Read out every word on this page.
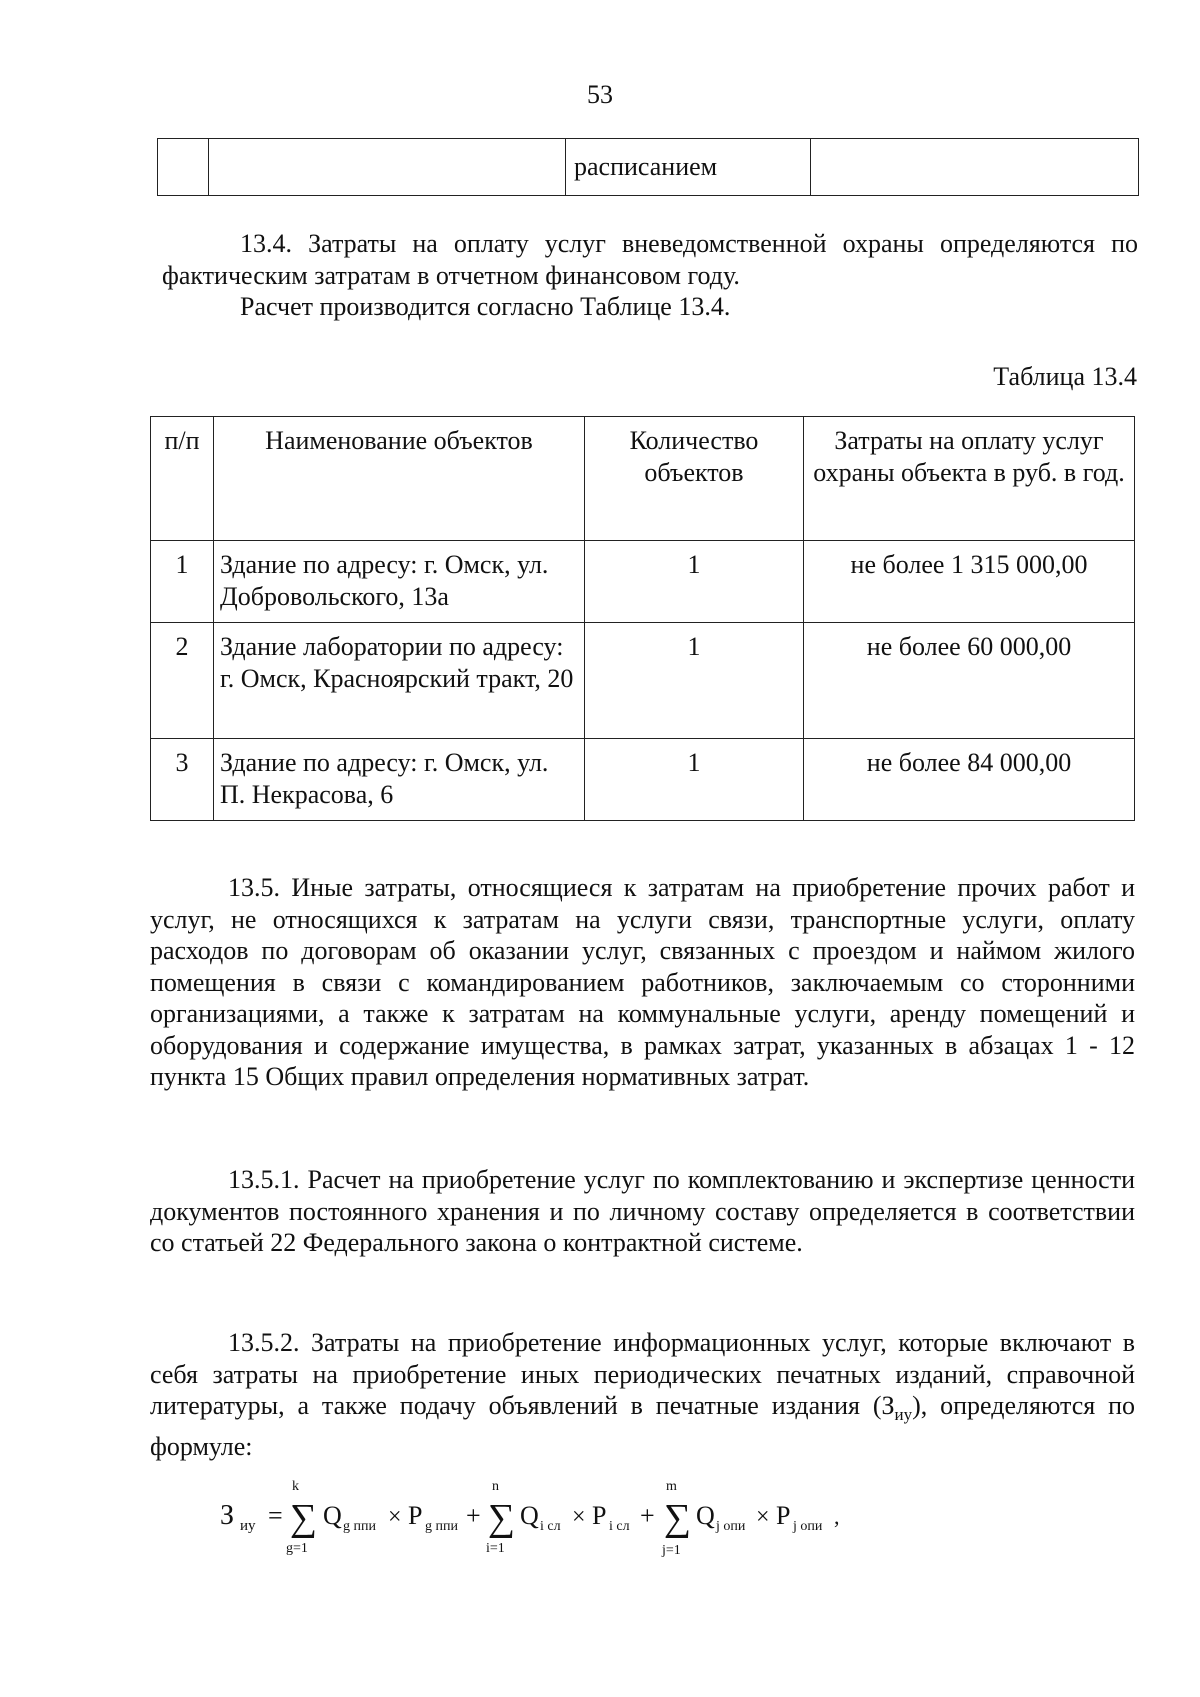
53
		расписанием	

13.4. Затраты на оплату услуг вневедомственной охраны определяются по фактическим затратам в отчетном финансовом году.

Расчет производится согласно Таблице 13.4.

Таблица 13.4
п/п	Наименование объектов	Количество объектов	Затраты на оплату услуг охраны объекта в руб. в год.
1	Здание по адресу: г. Омск, ул. Добровольского, 13а	1	не более 1 315 000,00
2	Здание лаборатории по адресу: г. Омск, Красноярский тракт, 20	1	не более 60 000,00
3	Здание по адресу: г. Омск, ул. П. Некрасова, 6	1	не более 84 000,00

13.5. Иные затраты, относящиеся к затратам на приобретение прочих работ и услуг, не относящихся к затратам на услуги связи, транспортные услуги, оплату расходов по договорам об оказании услуг, связанных с проездом и наймом жилого помещения в связи с командированием работников, заключаемым со сторонними организациями, а также к затратам на коммунальные услуги, аренду помещений и оборудования и содержание имущества, в рамках затрат, указанных в абзацах 1 - 12 пункта 15 Общих правил определения нормативных затрат.

13.5.1. Расчет на приобретение услуг по комплектованию и экспертизе ценности документов постоянного хранения и по личному составу определяется в соответствии со статьей 22 Федерального закона о контрактной системе.

13.5.2. Затраты на приобретение информационных услуг, которые включают в себя затраты на приобретение иных периодических печатных изданий, справочной литературы, а также подачу объявлений в печатные издания $(З_{иу})$, определяются по формуле:

З иу =
k
∑
g=1
Q g ппи × P g ппи +
n
∑
i=1
Q i сл × P i сл +
m
∑
j=1
Q j опи × P j опи ,
